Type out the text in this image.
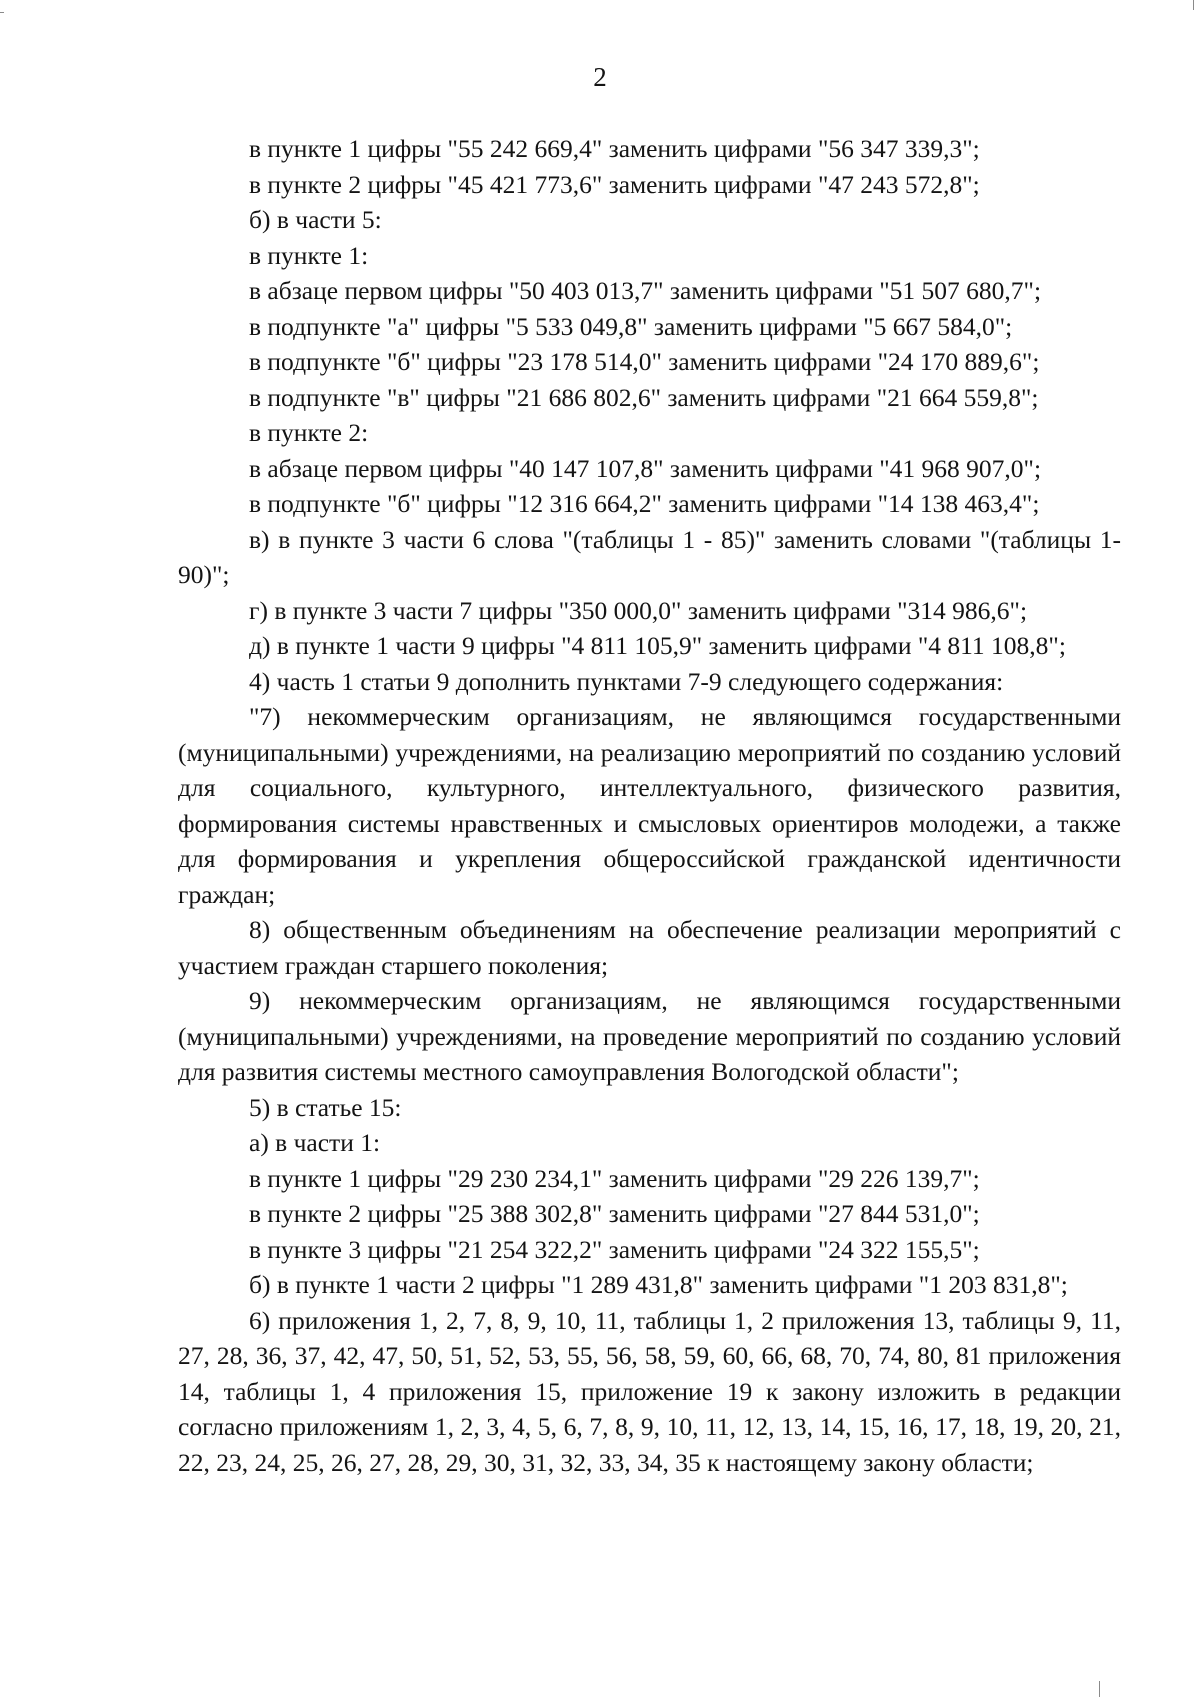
2

в пункте 1 цифры "55 242 669,4" заменить цифрами "56 347 339,3";

в пункте 2 цифры "45 421 773,6" заменить цифрами "47 243 572,8";

б) в части 5:

в пункте 1:

в абзаце первом цифры "50 403 013,7" заменить цифрами "51 507 680,7";

в подпункте "а" цифры "5 533 049,8" заменить цифрами "5 667 584,0";

в подпункте "б" цифры "23 178 514,0" заменить цифрами "24 170 889,6";

в подпункте "в" цифры "21 686 802,6" заменить цифрами "21 664 559,8";

в пункте 2:

в абзаце первом цифры "40 147 107,8" заменить цифрами "41 968 907,0";

в подпункте "б" цифры "12 316 664,2" заменить цифрами "14 138 463,4";

в) в пункте 3 части 6 слова "(таблицы 1 - 85)" заменить словами "(таблицы 1-90)";

г) в пункте 3 части 7 цифры "350 000,0" заменить цифрами "314 986,6";

д) в пункте 1 части 9 цифры "4 811 105,9" заменить цифрами "4 811 108,8";

4) часть 1 статьи 9 дополнить пунктами 7-9 следующего содержания:

"7) некоммерческим организациям, не являющимся государственными (муниципальными) учреждениями, на реализацию мероприятий по созданию условий для социального, культурного, интеллектуального, физического развития, формирования системы нравственных и смысловых ориентиров молодежи, а также для формирования и укрепления общероссийской гражданской идентичности граждан;

8) общественным объединениям на обеспечение реализации мероприятий с участием граждан старшего поколения;

9) некоммерческим организациям, не являющимся государственными (муниципальными) учреждениями, на проведение мероприятий по созданию условий для развития системы местного самоуправления Вологодской области";

5) в статье 15:

а) в части 1:

в пункте 1 цифры "29 230 234,1" заменить цифрами "29 226 139,7";

в пункте 2 цифры "25 388 302,8" заменить цифрами "27 844 531,0";

в пункте 3 цифры "21 254 322,2" заменить цифрами "24 322 155,5";

б) в пункте 1 части 2 цифры "1 289 431,8" заменить цифрами "1 203 831,8";

6) приложения 1, 2, 7, 8, 9, 10, 11, таблицы 1, 2 приложения 13, таблицы 9, 11, 27, 28, 36, 37, 42, 47, 50, 51, 52, 53, 55, 56, 58, 59, 60, 66, 68, 70, 74, 80, 81 приложения 14, таблицы 1, 4 приложения 15, приложение 19 к закону изложить в редакции согласно приложениям 1, 2, 3, 4, 5, 6, 7, 8, 9, 10, 11, 12, 13, 14, 15, 16, 17, 18, 19, 20, 21, 22, 23, 24, 25, 26, 27, 28, 29, 30, 31, 32, 33, 34, 35 к настоящему закону области;
